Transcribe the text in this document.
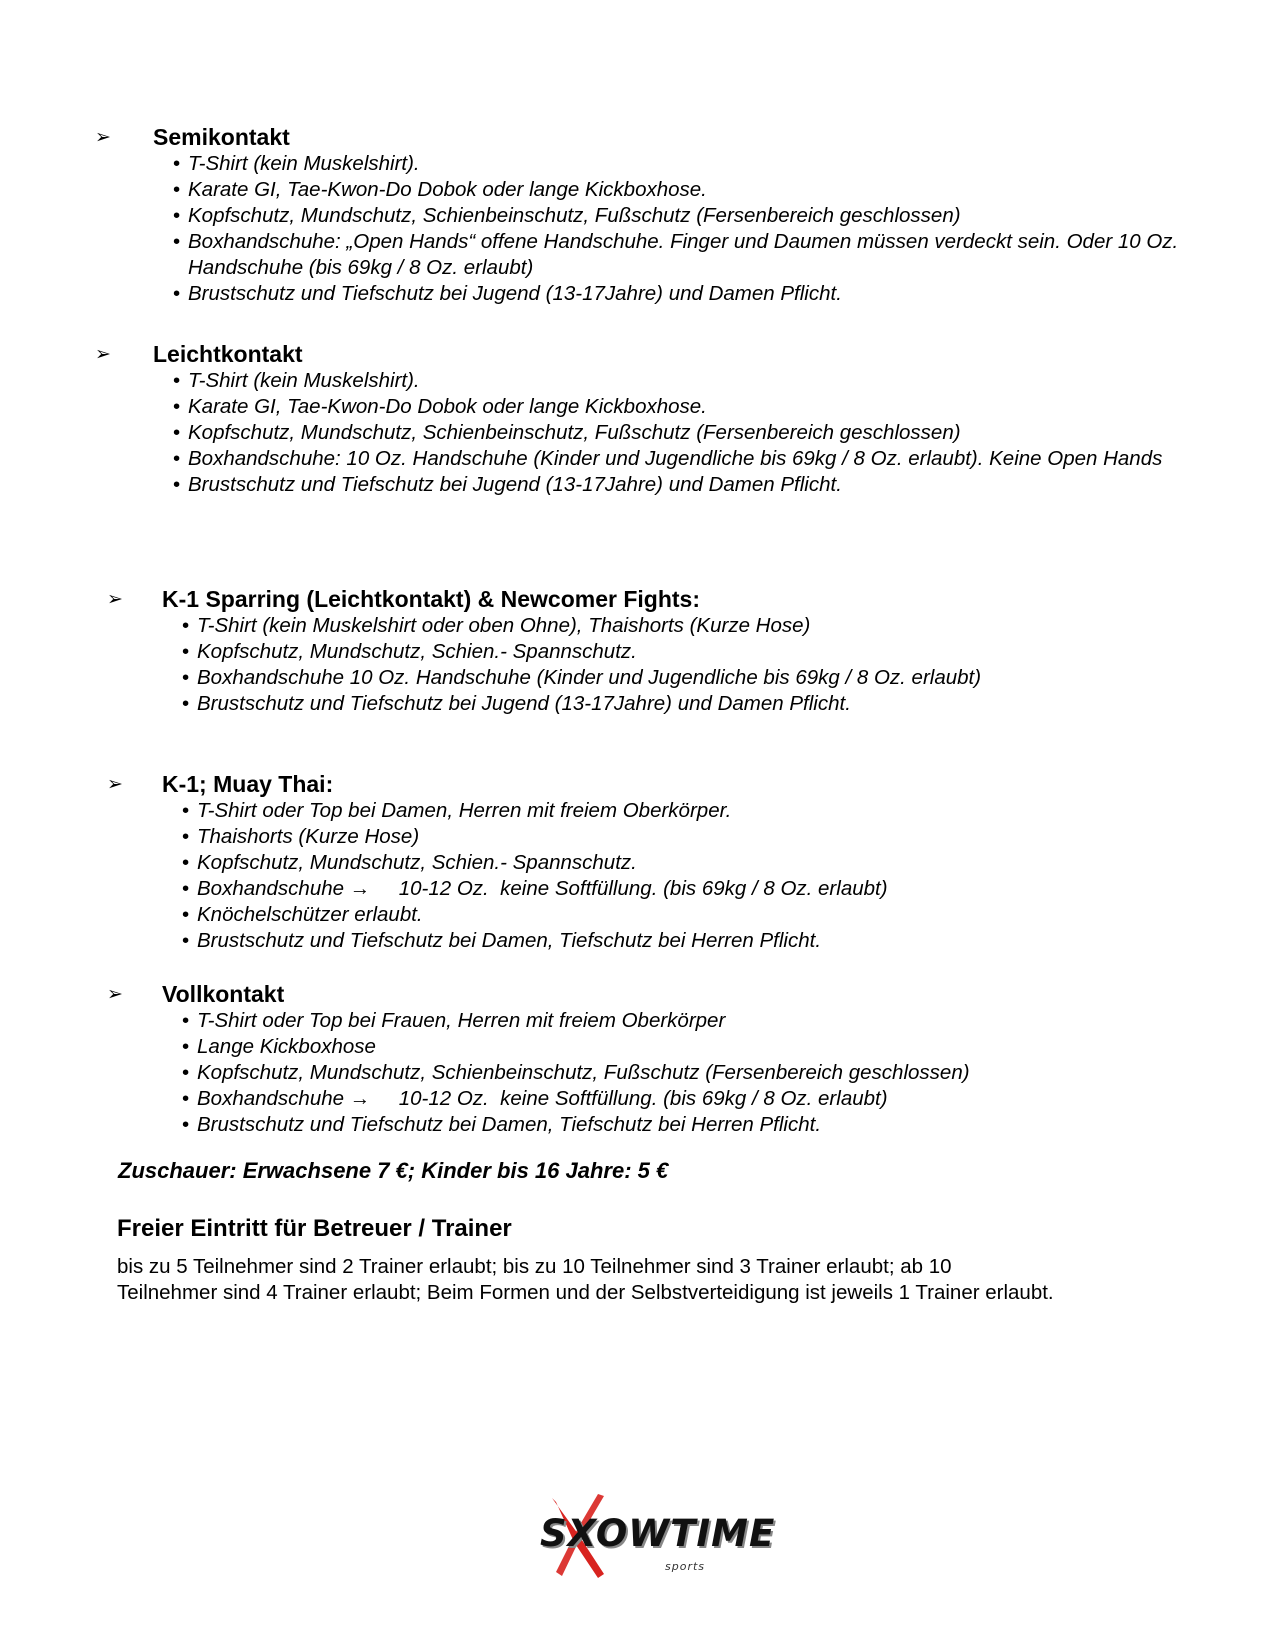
➢ Semikontakt
• T-Shirt (kein Muskelshirt).
• Karate GI, Tae-Kwon-Do Dobok oder lange Kickboxhose.
• Kopfschutz, Mundschutz, Schienbeinschutz, Fußschutz (Fersenbereich geschlossen)
• Boxhandschuhe: „Open Hands“ offene Handschuhe. Finger und Daumen müssen verdeckt sein. Oder 10 Oz. Handschuhe (bis 69kg / 8 Oz. erlaubt)
• Brustschutz und Tiefschutz bei Jugend (13-17Jahre) und Damen Pflicht.
➢ Leichtkontakt
• T-Shirt (kein Muskelshirt).
• Karate GI, Tae-Kwon-Do Dobok oder lange Kickboxhose.
• Kopfschutz, Mundschutz, Schienbeinschutz, Fußschutz (Fersenbereich geschlossen)
• Boxhandschuhe: 10 Oz. Handschuhe (Kinder und Jugendliche bis 69kg / 8 Oz. erlaubt). Keine Open Hands
• Brustschutz und Tiefschutz bei Jugend (13-17Jahre) und Damen Pflicht.
➢ K-1 Sparring (Leichtkontakt) & Newcomer Fights:
• T-Shirt (kein Muskelshirt oder oben Ohne), Thaishorts (Kurze Hose)
• Kopfschutz, Mundschutz, Schien.- Spannschutz.
• Boxhandschuhe 10 Oz. Handschuhe (Kinder und Jugendliche bis 69kg / 8 Oz. erlaubt)
• Brustschutz und Tiefschutz bei Jugend (13-17Jahre) und Damen Pflicht.
➢ K-1; Muay Thai:
• T-Shirt oder Top bei Damen, Herren mit freiem Oberkörper.
• Thaishorts (Kurze Hose)
• Kopfschutz, Mundschutz, Schien.- Spannschutz.
• Boxhandschuhe →     10-12 Oz.  keine Softfüllung. (bis 69kg / 8 Oz. erlaubt)
• Knöchelschützer erlaubt.
• Brustschutz und Tiefschutz bei Damen, Tiefschutz bei Herren Pflicht.
➢ Vollkontakt
• T-Shirt oder Top bei Frauen, Herren mit freiem Oberkörper
• Lange Kickboxhose
• Kopfschutz, Mundschutz, Schienbeinschutz, Fußschutz (Fersenbereich geschlossen)
• Boxhandschuhe →     10-12 Oz.  keine Softfüllung. (bis 69kg / 8 Oz. erlaubt)
• Brustschutz und Tiefschutz bei Damen, Tiefschutz bei Herren Pflicht.
Zuschauer: Erwachsene 7 €; Kinder bis 16 Jahre: 5 €
Freier Eintritt für Betreuer / Trainer
bis zu 5 Teilnehmer sind 2 Trainer erlaubt; bis zu 10 Teilnehmer sind 3 Trainer erlaubt; ab 10 Teilnehmer sind 4 Trainer erlaubt; Beim Formen und der Selbstverteidigung ist jeweils 1 Trainer erlaubt.
SXOWTIME
sports
